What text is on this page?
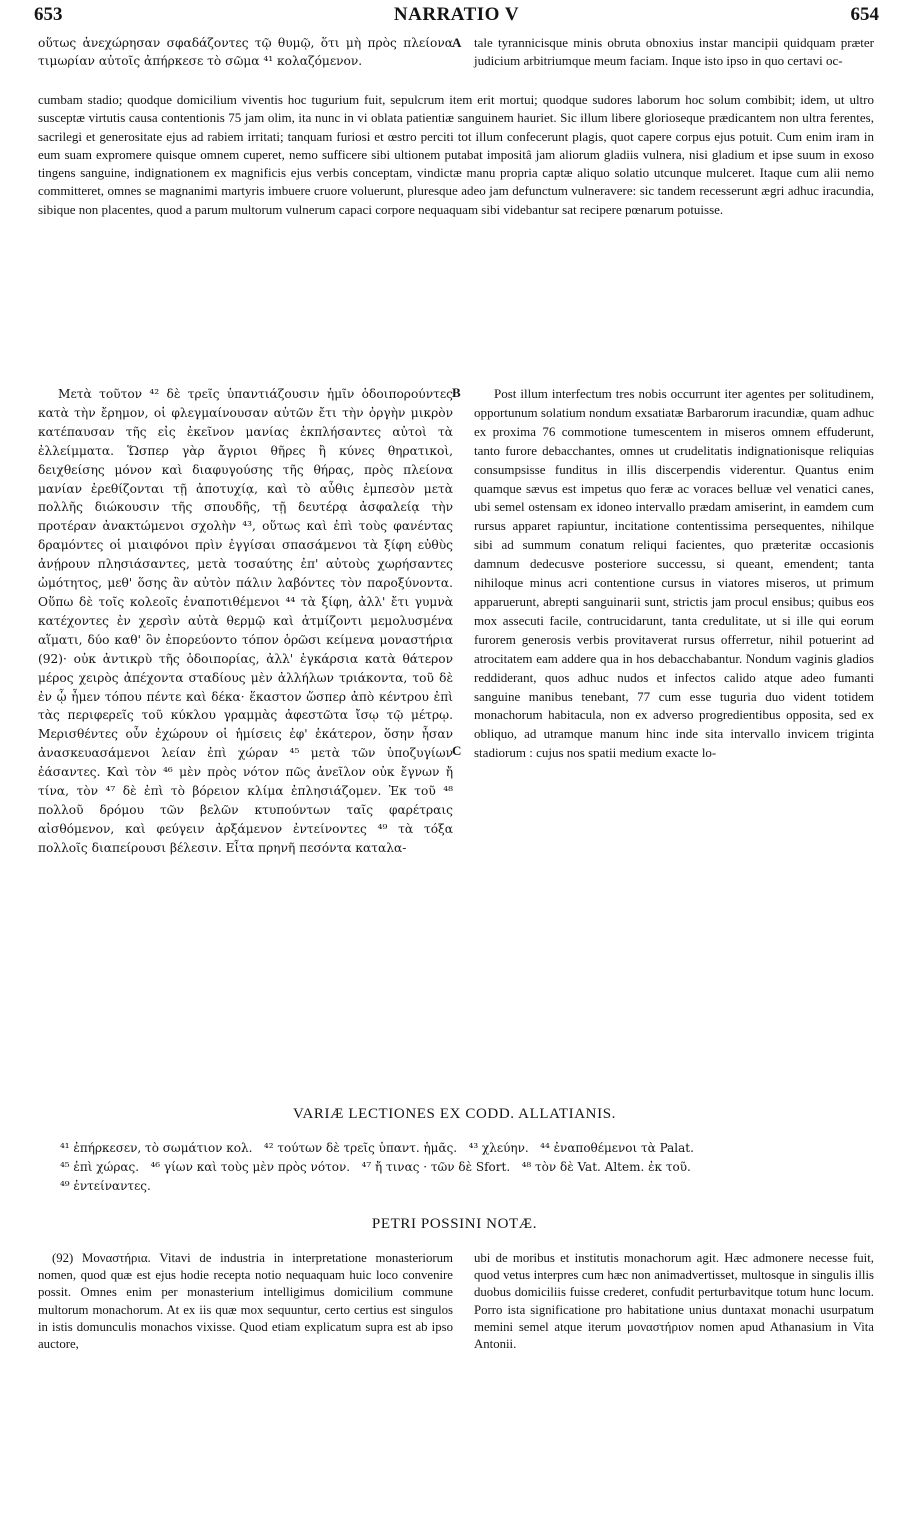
653	NARRATIO V	654
A
B
C

οὕτως ἀνεχώρησαν σφαδάζοντες τῷ θυμῷ, ὅτι μὴ πρὸς πλείονα τιμωρίαν αὐτοῖς ἀπήρκεσε τὸ σῶμα ⁴¹ κολαζόμενον.

tale tyrannicisque minis obruta obnoxius instar mancipii quidquam præter judicium arbitriumque meum faciam. Inque isto ipso in quo certavi oc-

cumbam stadio; quodque domicilium viventis hoc tugurium fuit, sepulcrum item erit mortui; quodque sudores laborum hoc solum combibit; idem, ut ultro susceptæ virtutis causa contentionis 75 jam olim, ita nunc in vi oblata patientiæ sanguinem hauriet. Sic illum libere glorioseque prædicantem non ultra ferentes, sacrilegi et generositate ejus ad rabiem irritati; tanquam furiosi et œstro perciti tot illum confecerunt plagis, quot capere corpus ejus potuit. Cum enim iram in eum suam expromere quisque omnem cuperet, nemo sufficere sibi ultionem putabat impositâ jam aliorum gladiis vulnera, nisi gladium et ipse suum in exoso tingens sanguine, indignationem ex magnificis ejus verbis conceptam, vindictæ manu propria captæ aliquo solatio utcunque mulceret. Itaque cum alii nemo committeret, omnes se magnanimi martyris imbuere cruore voluerunt, pluresque adeo jam defunctum vulneravere: sic tandem recesserunt ægri adhuc iracundia, sibique non placentes, quod a parum multorum vulnerum capaci corpore nequaquam sibi videbantur sat recipere pœnarum potuisse.

Μετὰ τοῦτον ⁴² δὲ τρεῖς ὑπαντιάζουσιν ἡμῖν ὁδοιπορούντες κατὰ τὴν ἔρημον, οἱ φλεγμαίνουσαν αὐτῶν ἔτι τὴν ὀργὴν μικρὸν κατέπαυσαν τῆς εἰς ἐκεῖνον μανίας ἐκπλήσαντες αὐτοὶ τὰ ἐλλείμματα. Ὥσπερ γὰρ ἄγριοι θῆρες ἢ κύνες θηρατικοὶ, δειχθείσης μόνον καὶ διαφυγούσης τῆς θήρας, πρὸς πλείονα μανίαν ἐρεθίζονται τῇ ἀποτυχίᾳ, καὶ τὸ αὖθις ἐμπεσὸν μετὰ πολλῆς διώκουσιν τῆς σπουδῆς, τῇ δευτέρᾳ ἀσφαλείᾳ τὴν προτέραν ἀνακτώμενοι σχολὴν ⁴³, οὕτως καὶ ἐπὶ τοὺς φανέντας δραμόντες οἱ μιαιφόνοι πρὶν ἐγγίσαι σπασάμενοι τὰ ξίφη εὐθὺς ἀνῄρουν πλησιάσαντες, μετὰ τοσαύτης ἐπ' αὐτοὺς χωρήσαντες ὠμότητος, μεθ' ὅσης ἂν αὐτὸν πάλιν λαβόντες τὸν παροξύνοντα. Οὕπω δὲ τοῖς κολεοῖς ἐναποτιθέμενοι ⁴⁴ τὰ ξίφη, ἀλλ' ἔτι γυμνὰ κατέχοντες ἐν χερσὶν αὐτὰ θερμῷ καὶ ἀτμίζοντι μεμολυσμένα αἵματι, δύο καθ' ὃν ἐπορεύοντο τόπον ὁρῶσι κείμενα μοναστήρια (92)· οὐκ ἀντικρὺ τῆς ὁδοιπορίας, ἀλλ' ἐγκάρσια κατὰ θάτερον μέρος χειρὸς ἀπέχοντα σταδίους μὲν ἀλλήλων τριάκοντα, τοῦ δὲ ἐν ᾧ ἦμεν τόπου πέντε καὶ δέκα· ἕκαστον ὥσπερ ἀπὸ κέντρου ἐπὶ τὰς περιφερεῖς τοῦ κύκλου γραμμὰς ἀφεστῶτα ἴσῳ τῷ μέτρῳ. Μερισθέντες οὖν ἐχώρουν οἱ ἡμίσεις ἐφ' ἑκάτερον, ὅσην ἦσαν ἀνασκευασάμενοι λείαν ἐπὶ χώραν ⁴⁵ μετὰ τῶν ὑποζυγίων ἐάσαντες. Καὶ τὸν ⁴⁶ μὲν πρὸς νότον πῶς ἀνεῖλον οὐκ ἔγνων ἤ τίνα, τὸν ⁴⁷ δὲ ἐπὶ τὸ βόρειον κλίμα ἐπλησιάζομεν. Ἐκ τοῦ ⁴⁸ πολλοῦ δρόμου τῶν βελῶν κτυπούντων ταῖς φαρέτραις αἰσθόμενον, καὶ φεύγειν ἀρξάμενον ἐντείνοντες ⁴⁹ τὰ τόξα πολλοῖς διαπείρουσι βέλεσιν. Εἶτα πρηνῆ πεσόντα καταλα-

Post illum interfectum tres nobis occurrunt iter agentes per solitudinem, opportunum solatium nondum exsatiatæ Barbarorum iracundiæ, quam adhuc ex proxima 76 commotione tumescentem in miseros omnem effuderunt, tanto furore debacchantes, omnes ut crudelitatis indignationisque reliquias consumpsisse funditus in illis discerpendis viderentur. Quantus enim quamque sævus est impetus quo feræ ac voraces belluæ vel venatici canes, ubi semel ostensam ex idoneo intervallo prædam amiserint, in eamdem cum rursus apparet rapiuntur, incitatione contentissima persequentes, nihilque sibi ad summum conatum reliqui facientes, quo præteritæ occasionis damnum dedecusve posteriore successu, si queant, emendent; tanta nihiloque minus acri contentione cursus in viatores miseros, ut primum apparuerunt, abrepti sanguinarii sunt, strictis jam procul ensibus; quibus eos mox assecuti facile, contrucidarunt, tanta credulitate, ut si ille qui eorum furorem generosis verbis provitaverat rursus offerretur, nihil potuerint ad atrocitatem eam addere qua in hos debacchabantur. Nondum vaginis gladios reddiderant, quos adhuc nudos et infectos calido atque adeo fumanti sanguine manibus tenebant, 77 cum esse tuguria duo vident totidem monachorum habitacula, non ex adverso progredientibus opposita, sed ex obliquo, ad utramque manum hinc inde sita intervallo invicem triginta stadiorum : cujus nos spatii medium exacte lo-

VARIÆ LECTIONES EX CODD. ALLATIANIS.
⁴¹ ἐπήρκεσεν, τὸ σωμάτιον κολ. ⁴² τούτων δὲ τρεῖς ὑπαντ. ἡμᾶς. ⁴³ χλεύην. ⁴⁴ ἐναποθέμενοι τὰ Palat.
⁴⁵ ἐπὶ χώρας. ⁴⁶ γίων καὶ τοὺς μὲν πρὸς νότον. ⁴⁷ ἤ τινας · τῶν δὲ Sfort. ⁴⁸ τὸν δὲ Vat. Altem. ἐκ τοῦ.
⁴⁹ ἐντείναντες.
PETRI POSSINI NOTÆ.

(92) Μοναστήρια. Vitavi de industria in interpretatione monasteriorum nomen, quod quæ est ejus hodie recepta notio nequaquam huic loco convenire possit. Omnes enim per monasterium intelligimus domicilium commune multorum monachorum. At ex iis quæ mox sequuntur, certo certius est singulos in istis domunculis monachos vixisse. Quod etiam explicatum supra est ab ipso auctore,

ubi de moribus et institutis monachorum agit. Hæc admonere necesse fuit, quod vetus interpres cum hæc non animadvertisset, multosque in singulis illis duobus domiciliis fuisse crederet, confudit perturbavitque totum hunc locum. Porro ista significatione pro habitatione unius duntaxat monachi usurpatum memini semel atque iterum μοναστήριον nomen apud Athanasium in Vita Antonii.
